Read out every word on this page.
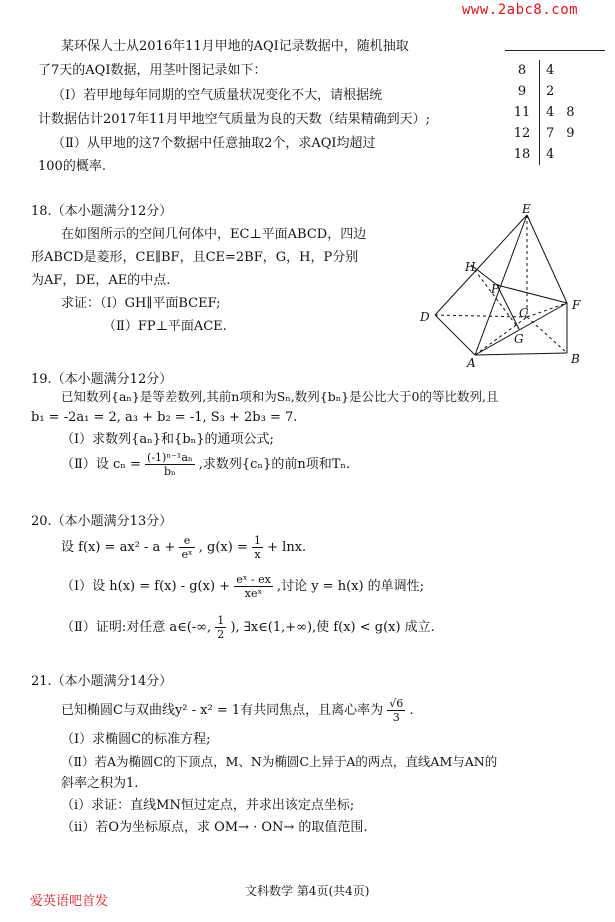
www.2abc8.com
某环保人士从2016年11月甲地的AQI记录数据中，随机抽取
了7天的AQI数据，用茎叶图记录如下：
（Ⅰ）若甲地每年同期的空气质量状况变化不大，请根据统
计数据估计2017年11月甲地空气质量为良的天数（结果精确到天）;
（Ⅱ）从甲地的这7个数据中任意抽取2个，求AQI均超过
100的概率.
8	4	
9	2	
11	4	8
12	7	9
18	4	
18.（本小题满分12分）
在如图所示的空间几何体中，EC⊥平面ABCD，四边
形ABCD是菱形，CE∥BF，且CE=2BF，G，H，P分别
为AF，DE，AE的中点.
求证：（Ⅰ）GH∥平面BCEF;
（Ⅱ）FP⊥平面ACE.
E
H
P
F
D	C
G
A	B
19.（本小题满分12分）
已知数列{aₙ}是等差数列,其前n项和为Sₙ,数列{bₙ}是公比大于0的等比数列,且
b₁ = -2a₁ = 2, a₃ + b₂ = -1, S₃ + 2b₃ = 7.
（Ⅰ）求数列{aₙ}和{bₙ}的通项公式;
（Ⅱ）设 $c_n = \frac{\text{(-1)ⁿ⁻¹aₙ}}{\text{bₙ}}$ ,求数列{cₙ}的前n项和Tₙ.
20.（本小题满分13分）
设 $f(x) = ax^2 - a + \frac{e}{\text{eˣ}}$ , $g(x) = \frac{1}{x} + \ln x$.
（Ⅰ）设 $h(x) = f(x) - g(x) + \frac{\text{eˣ - ex}}{\text{xeˣ}}$ ,讨论 y = h(x) 的单调性;
（Ⅱ）证明:对任意 a∈(-∞, $\frac{1}{2}$ ), ∃x∈(1,+∞),使 f(x) < g(x) 成立.
21.（本小题满分14分）
已知椭圆C与双曲线y² - x² = 1有共同焦点，且离心率为 $\frac{√6}{3}$ .
（Ⅰ）求椭圆C的标准方程;
（Ⅱ）若A为椭圆C的下顶点，M、N为椭圆C上异于A的两点，直线AM与AN的
斜率之积为1.
（ⅰ）求证：直线MN恒过定点，并求出该定点坐标;
（ⅱ）若O为坐标原点，求 OM→ · ON→ 的取值范围.
爱英语吧首发
文科数学 第4页(共4页)
